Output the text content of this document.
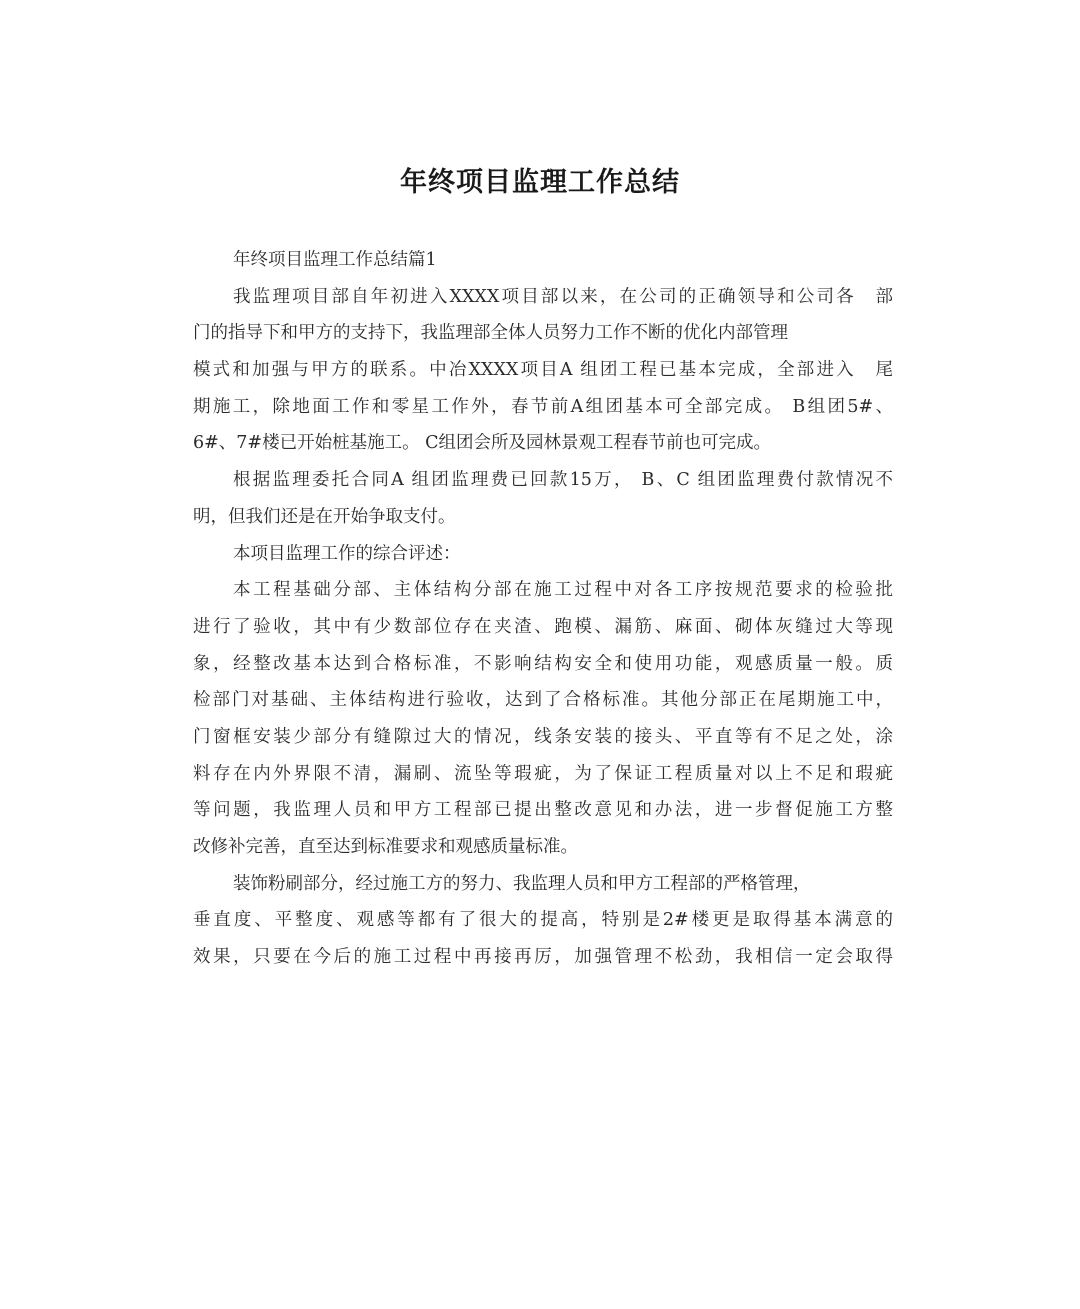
年终项目监理工作总结
年终项目监理工作总结篇1
我监理项目部自年初进入XXXX项目部以来，在公司的正确领导和公司各　部
门的指导下和甲方的支持下，我监理部全体人员努力工作不断的优化内部管理
模式和加强与甲方的联系。中冶XXXX项目A 组团工程已基本完成，全部进入　尾
期施工，除地面工作和零星工作外，春节前A组团基本可全部完成。 B组团5#、
6#、7#楼已开始桩基施工。 C组团会所及园林景观工程春节前也可完成。
根据监理委托合同A 组团监理费已回款15万， B、C 组团监理费付款情况不
明，但我们还是在开始争取支付。
本项目监理工作的综合评述：
本工程基础分部、主体结构分部在施工过程中对各工序按规范要求的检验批
进行了验收，其中有少数部位存在夹渣、跑模、漏筋、麻面、砌体灰缝过大等现
象，经整改基本达到合格标准，不影响结构安全和使用功能，观感质量一般。质
检部门对基础、主体结构进行验收，达到了合格标准。其他分部正在尾期施工中，
门窗框安装少部分有缝隙过大的情况，线条安装的接头、平直等有不足之处，涂
料存在内外界限不清，漏刷、流坠等瑕疵，为了保证工程质量对以上不足和瑕疵
等问题，我监理人员和甲方工程部已提出整改意见和办法，进一步督促施工方整
改修补完善，直至达到标准要求和观感质量标准。
装饰粉刷部分，经过施工方的努力、我监理人员和甲方工程部的严格管理，
垂直度、平整度、观感等都有了很大的提高，特别是2#楼更是取得基本满意的
效果，只要在今后的施工过程中再接再厉，加强管理不松劲，我相信一定会取得
